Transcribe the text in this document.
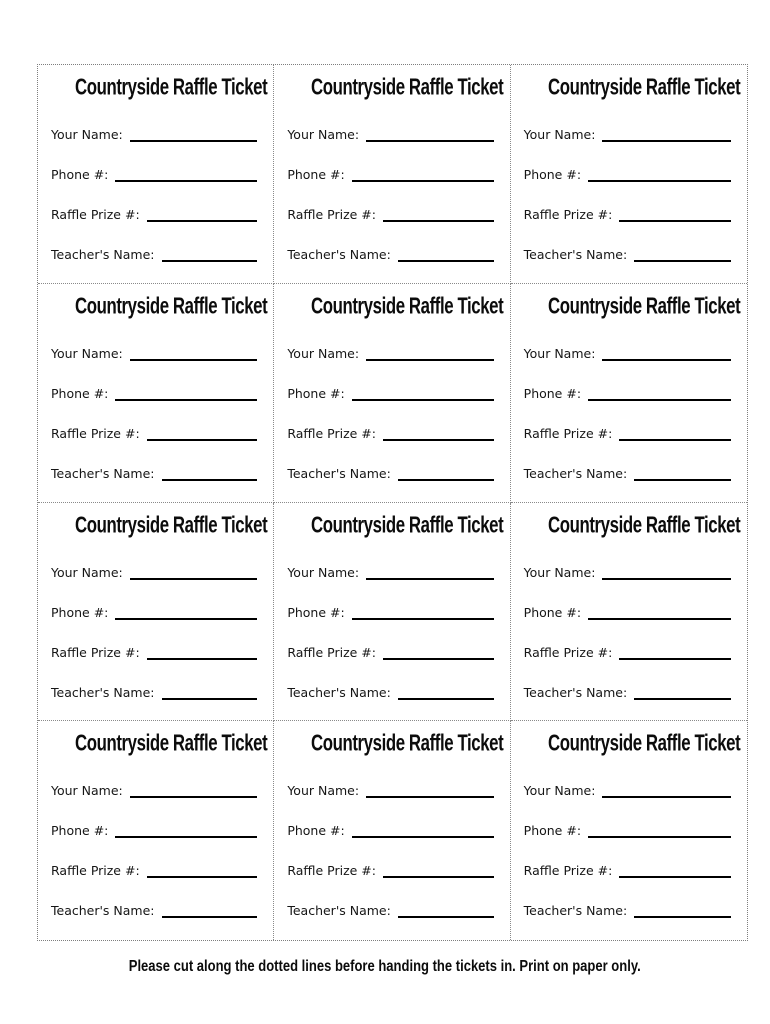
Countryside Raffle Ticket
Your Name:
Phone #:
Raffle Prize #:
Teacher's Name:
Countryside Raffle Ticket
Your Name:
Phone #:
Raffle Prize #:
Teacher's Name:
Countryside Raffle Ticket
Your Name:
Phone #:
Raffle Prize #:
Teacher's Name:
Countryside Raffle Ticket
Your Name:
Phone #:
Raffle Prize #:
Teacher's Name:
Countryside Raffle Ticket
Your Name:
Phone #:
Raffle Prize #:
Teacher's Name:
Countryside Raffle Ticket
Your Name:
Phone #:
Raffle Prize #:
Teacher's Name:
Countryside Raffle Ticket
Your Name:
Phone #:
Raffle Prize #:
Teacher's Name:
Countryside Raffle Ticket
Your Name:
Phone #:
Raffle Prize #:
Teacher's Name:
Countryside Raffle Ticket
Your Name:
Phone #:
Raffle Prize #:
Teacher's Name:
Countryside Raffle Ticket
Your Name:
Phone #:
Raffle Prize #:
Teacher's Name:
Countryside Raffle Ticket
Your Name:
Phone #:
Raffle Prize #:
Teacher's Name:
Countryside Raffle Ticket
Your Name:
Phone #:
Raffle Prize #:
Teacher's Name:
Please cut along the dotted lines before handing the tickets in. Print on paper only.
